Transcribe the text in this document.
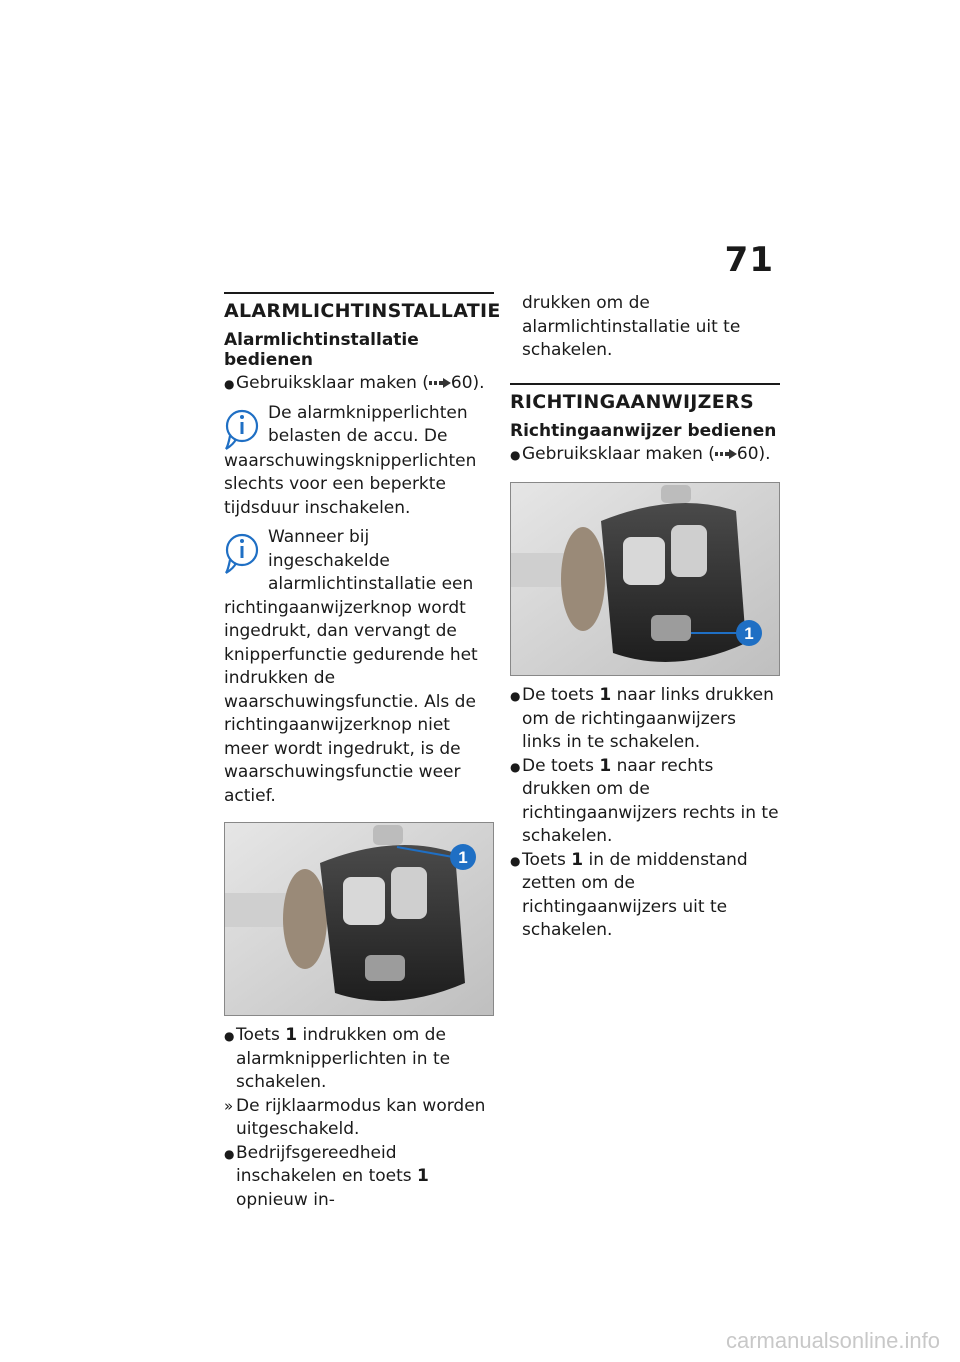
71
ALARMLICHTINSTALLATIE
Alarmlichtinstallatie bedienen
● Gebruiksklaar maken ( 60).

De alarmknipperlichten belasten de accu. De waarschuwingsknipperlichten slechts voor een beperkte tijdsduur inschakelen.

Wanneer bij ingeschakelde alarmlichtinstallatie een richtingaanwijzerknop wordt ingedrukt, dan vervangt de knipperfunctie gedurende het indrukken de waarschuwingsfunctie. Als de richtingaanwijzerknop niet meer wordt ingedrukt, is de waarschuwingsfunctie weer actief.

1
● Toets 1 indrukken om de alarmknipperlichten in te schakelen.
» De rijklaarmodus kan worden uitgeschakeld.
● Bedrijfsgereedheid inschakelen en toets 1 opnieuw in-
drukken om de alarmlichtinstallatie uit te schakelen.
RICHTINGAANWIJZERS
Richtingaanwijzer bedienen
● Gebruiksklaar maken ( 60).
1
● De toets 1 naar links drukken om de richtingaanwijzers links in te schakelen.
● De toets 1 naar rechts drukken om de richtingaanwijzers rechts in te schakelen.
● Toets 1 in de middenstand zetten om de richtingaanwijzers uit te schakelen.
carmanualsonline.info
